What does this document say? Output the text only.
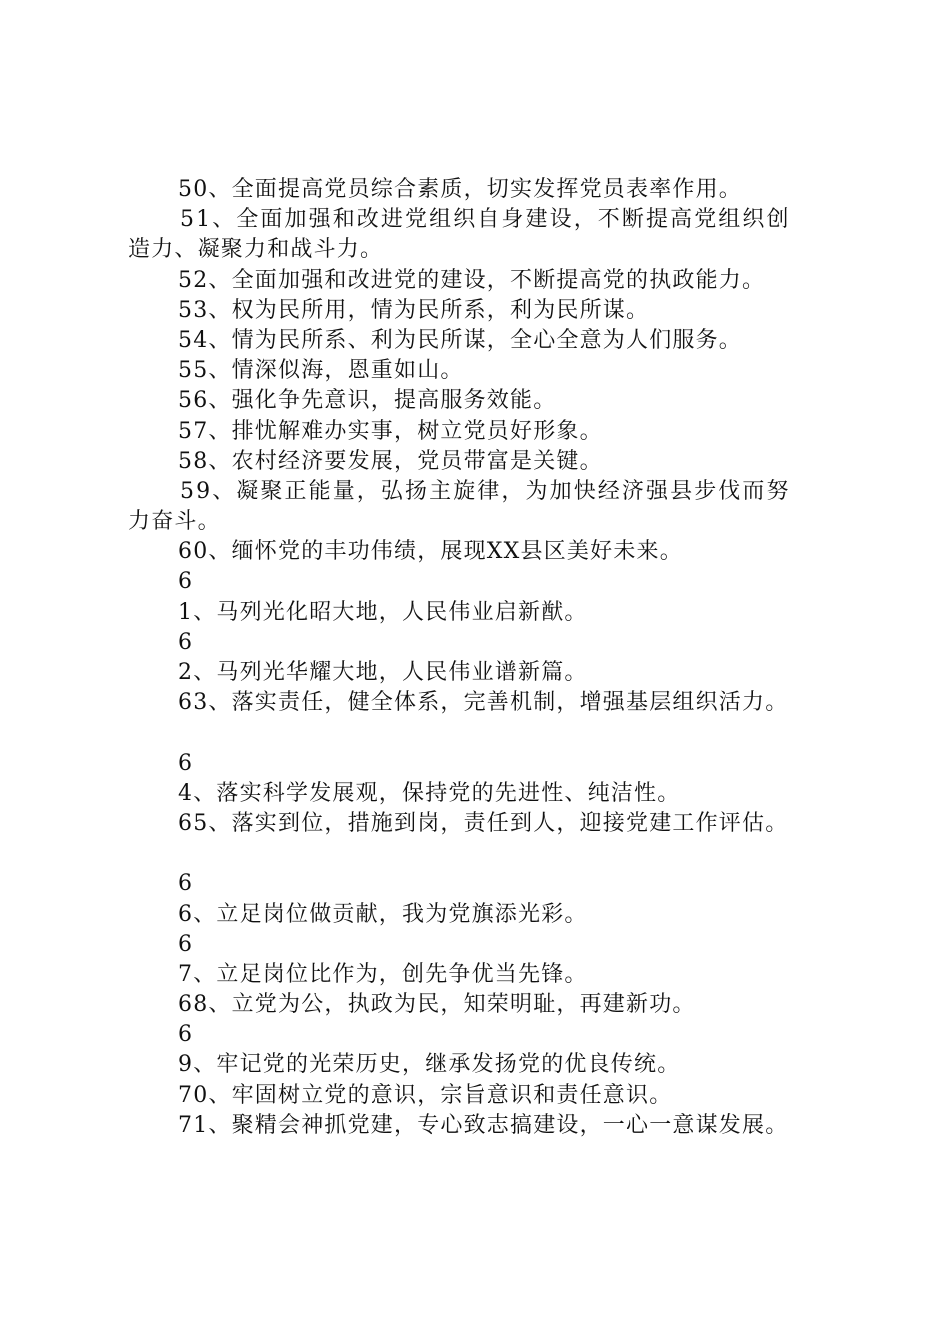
50、全面提高党员综合素质，切实发挥党员表率作用。
51、全面加强和改进党组织自身建设，不断提高党组织创
造力、凝聚力和战斗力。
52、全面加强和改进党的建设，不断提高党的执政能力。
53、权为民所用，情为民所系，利为民所谋。
54、情为民所系、利为民所谋，全心全意为人们服务。
55、情深似海，恩重如山。
56、强化争先意识，提高服务效能。
57、排忧解难办实事，树立党员好形象。
58、农村经济要发展，党员带富是关键。
59、凝聚正能量，弘扬主旋律，为加快经济强县步伐而努
力奋斗。
60、缅怀党的丰功伟绩，展现XX县区美好未来。
6
1、马列光化昭大地，人民伟业启新猷。
6
2、马列光华耀大地，人民伟业谱新篇。
63、落实责任，健全体系，完善机制，增强基层组织活力。
6
4、落实科学发展观，保持党的先进性、纯洁性。
65、落实到位，措施到岗，责任到人，迎接党建工作评估。
6
6、立足岗位做贡献，我为党旗添光彩。
6
7、立足岗位比作为，创先争优当先锋。
68、立党为公，执政为民，知荣明耻，再建新功。
6
9、牢记党的光荣历史，继承发扬党的优良传统。
70、牢固树立党的意识，宗旨意识和责任意识。
71、聚精会神抓党建，专心致志搞建设，一心一意谋发展。
